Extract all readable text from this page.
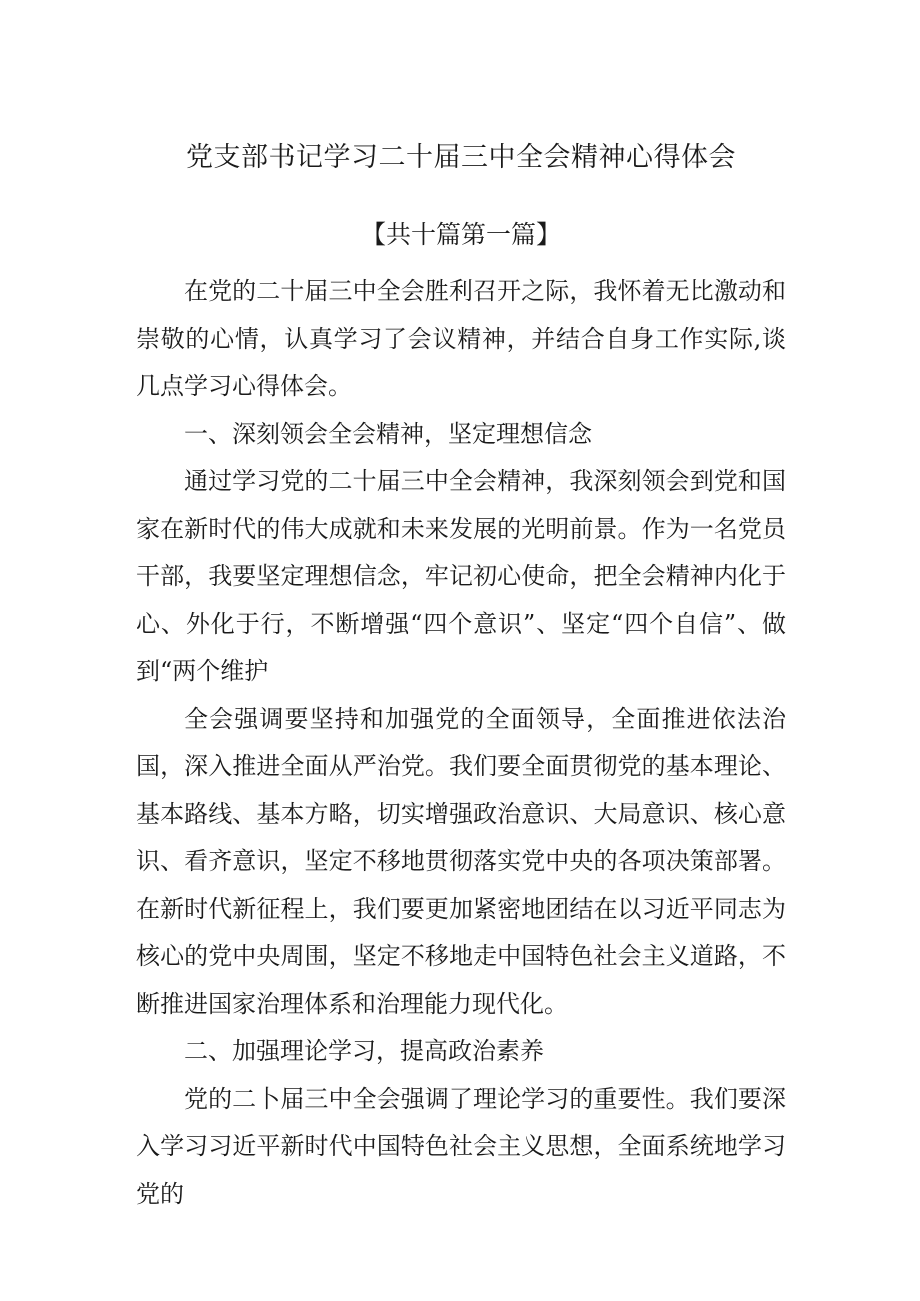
党支部书记学习二十届三中全会精神心得体会
【共十篇第一篇】

在党的二十届三中全会胜利召开之际，我怀着无比激动和崇敬的心情，认真学习了会议精神，并结合自身工作实际,谈几点学习心得体会。

一、深刻领会全会精神，坚定理想信念

通过学习党的二十届三中全会精神，我深刻领会到党和国家在新时代的伟大成就和未来发展的光明前景。作为一名党员干部，我要坚定理想信念，牢记初心使命，把全会精神内化于心、外化于行，不断增强“四个意识”、坚定“四个自信”、做到“两个维护

全会强调要坚持和加强党的全面领导，全面推进依法治国，深入推进全面从严治党。我们要全面贯彻党的基本理论、基本路线、基本方略，切实增强政治意识、大局意识、核心意识、看齐意识，坚定不移地贯彻落实党中央的各项决策部署。在新时代新征程上，我们要更加紧密地团结在以习近平同志为核心的党中央周围，坚定不移地走中国特色社会主义道路，不断推进国家治理体系和治理能力现代化。

二、加强理论学习，提高政治素养

党的二卜届三中全会强调了理论学习的重要性。我们要深入学习习近平新时代中国特色社会主义思想，全面系统地学习党的
